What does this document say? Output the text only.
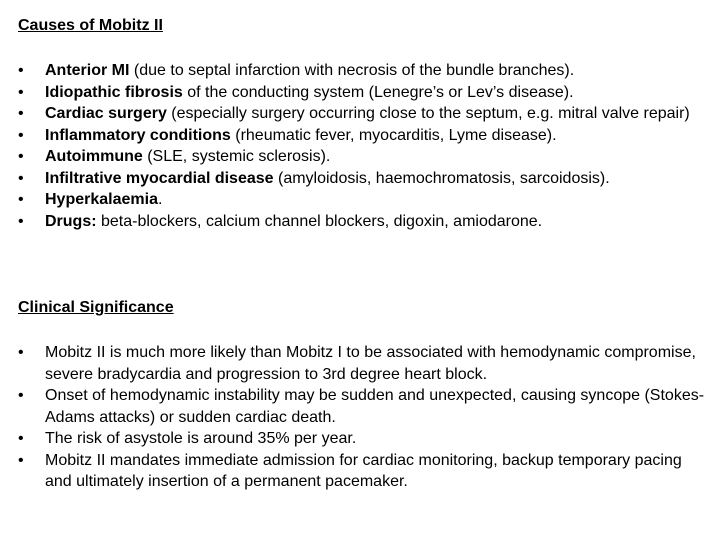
Causes of Mobitz II
•	Anterior MI (due to septal infarction with necrosis of the bundle branches).
•	Idiopathic fibrosis of the conducting system (Lenegre’s or Lev’s disease).
•	Cardiac surgery (especially surgery occurring close to the septum, e.g. mitral valve repair)
•	Inflammatory conditions (rheumatic fever, myocarditis, Lyme disease).
•	Autoimmune (SLE, systemic sclerosis).
•	Infiltrative myocardial disease (amyloidosis, haemochromatosis, sarcoidosis).
•	Hyperkalaemia.
•	Drugs: beta-blockers, calcium channel blockers, digoxin, amiodarone.
Clinical Significance
•	Mobitz II is much more likely than Mobitz I to be associated with hemodynamic compromise, severe bradycardia and progression to 3rd degree heart block.
•	Onset of hemodynamic instability may be sudden and unexpected, causing syncope (Stokes-Adams attacks) or sudden cardiac death.
•	The risk of asystole is around 35% per year.
•	Mobitz II mandates immediate admission for cardiac monitoring, backup temporary pacing and ultimately insertion of a permanent pacemaker.
